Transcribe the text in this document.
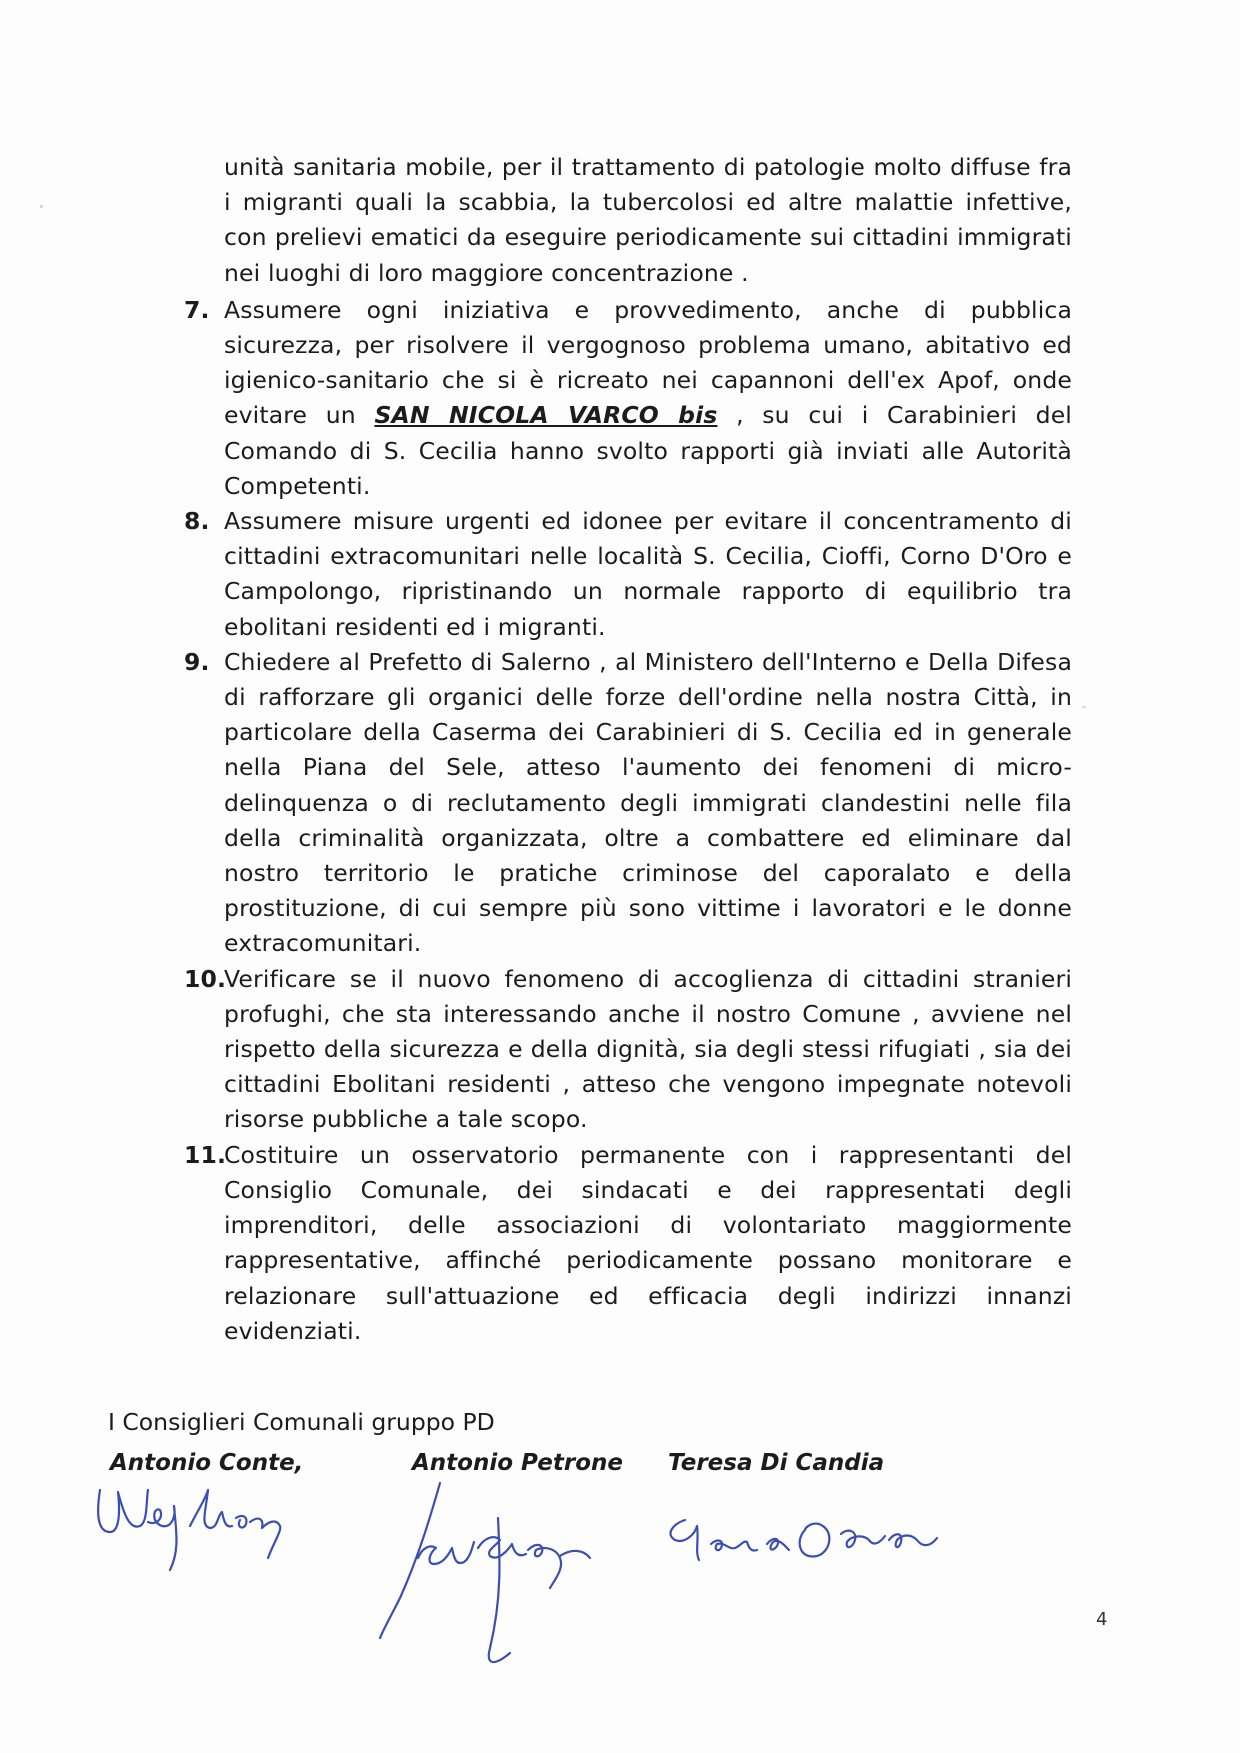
unità sanitaria mobile, per il trattamento di patologie molto diffuse fra i migranti quali la scabbia, la tubercolosi ed altre malattie infettive, con prelievi ematici da eseguire periodicamente sui cittadini immigrati nei luoghi di loro maggiore concentrazione .

7. Assumere ogni iniziativa e provvedimento, anche di pubblica sicurezza, per risolvere il vergognoso problema umano, abitativo ed igienico-sanitario che si è ricreato nei capannoni dell'ex Apof, onde evitare un SAN NICOLA VARCO bis , su cui i Carabinieri del Comando di S. Cecilia hanno svolto rapporti già inviati alle Autorità Competenti.
8. Assumere misure urgenti ed idonee per evitare il concentramento di cittadini extracomunitari nelle località S. Cecilia, Cioffi, Corno D'Oro e Campolongo, ripristinando un normale rapporto di equilibrio tra ebolitani residenti ed i migranti.
9. Chiedere al Prefetto di Salerno , al Ministero dell'Interno e Della Difesa di rafforzare gli organici delle forze dell'ordine nella nostra Città, in particolare della Caserma dei Carabinieri di S. Cecilia ed in generale nella Piana del Sele, atteso l'aumento dei fenomeni di micro-delinquenza o di reclutamento degli immigrati clandestini nelle fila della criminalità organizzata, oltre a combattere ed eliminare dal nostro territorio le pratiche criminose del caporalato e della prostituzione, di cui sempre più sono vittime i lavoratori e le donne extracomunitari.
10.
Verificare se il nuovo fenomeno di accoglienza di cittadini stranieri profughi, che sta interessando anche il nostro Comune , avviene nel rispetto della sicurezza e della dignità, sia degli stessi rifugiati , sia dei cittadini Ebolitani residenti , atteso che vengono impegnate notevoli risorse pubbliche a tale scopo.
11.
Costituire un osservatorio permanente con i rappresentanti del Consiglio Comunale, dei sindacati e dei rappresentati degli imprenditori, delle associazioni di volontariato maggiormente rappresentative, affinché periodicamente possano monitorare e relazionare sull'attuazione ed efficacia degli indirizzi innanzi evidenziati.
I Consiglieri Comunali gruppo PD
Antonio Conte,	Antonio Petrone Teresa Di Candia
4
